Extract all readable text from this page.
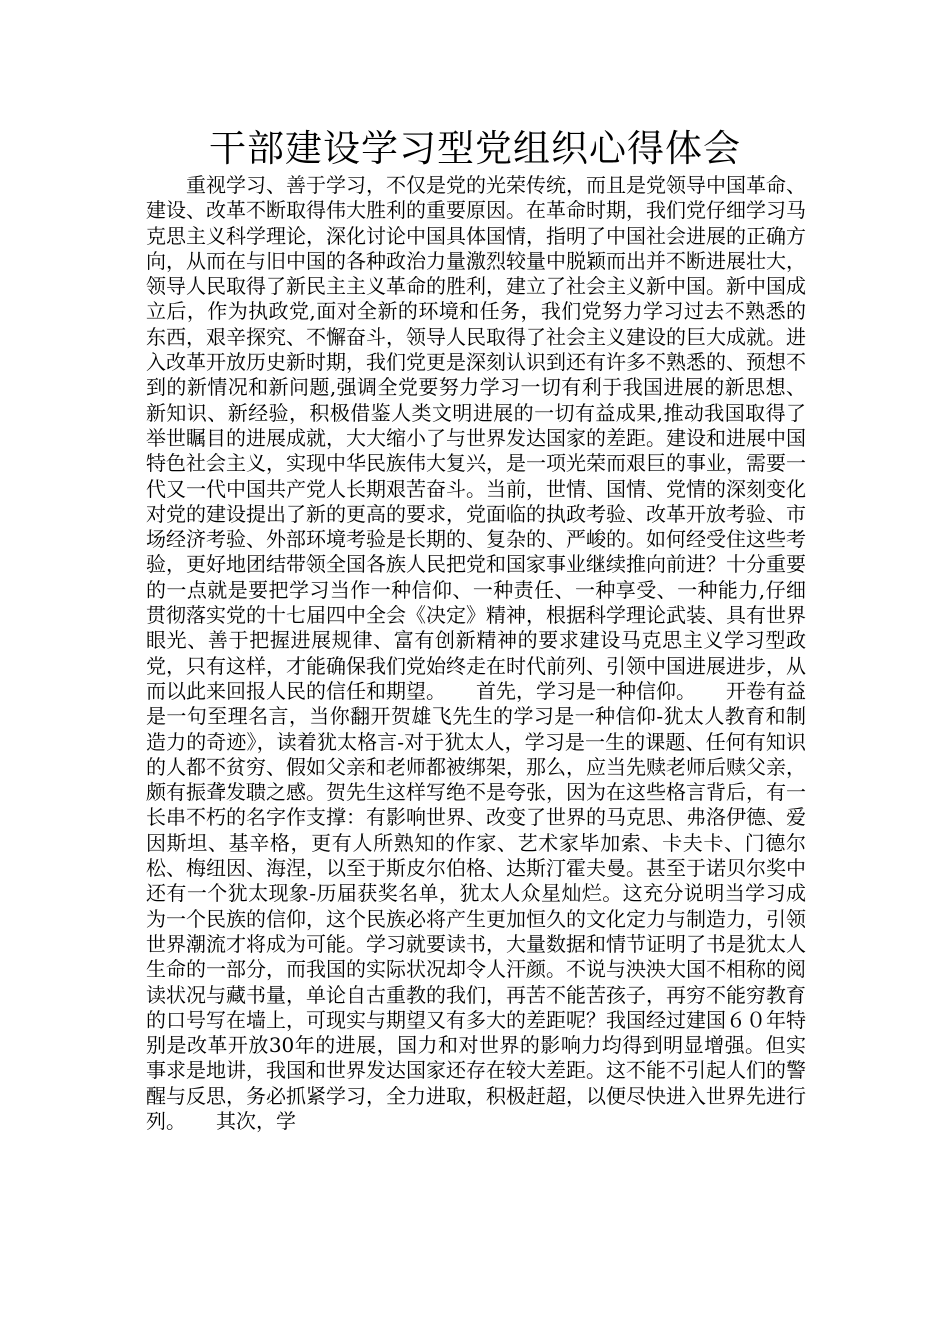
干部建设学习型党组织心得体会

重视学习、善于学习，不仅是党的光荣传统，而且是党领导中国革命、建设、改革不断取得伟大胜利的重要原因。在革命时期，我们党仔细学习马克思主义科学理论，深化讨论中国具体国情，指明了中国社会进展的正确方向，从而在与旧中国的各种政治力量激烈较量中脱颖而出并不断进展壮大，领导人民取得了新民主主义革命的胜利，建立了社会主义新中国。新中国成立后，作为执政党,面对全新的环境和任务，我们党努力学习过去不熟悉的东西，艰辛探究、不懈奋斗，领导人民取得了社会主义建设的巨大成就。进入改革开放历史新时期，我们党更是深刻认识到还有许多不熟悉的、预想不到的新情况和新问题,强调全党要努力学习一切有利于我国进展的新思想、新知识、新经验，积极借鉴人类文明进展的一切有益成果,推动我国取得了举世瞩目的进展成就，大大缩小了与世界发达国家的差距。建设和进展中国特色社会主义，实现中华民族伟大复兴，是一项光荣而艰巨的事业，需要一代又一代中国共产党人长期艰苦奋斗。当前，世情、国情、党情的深刻变化对党的建设提出了新的更高的要求，党面临的执政考验、改革开放考验、市场经济考验、外部环境考验是长期的、复杂的、严峻的。如何经受住这些考验，更好地团结带领全国各族人民把党和国家事业继续推向前进？十分重要的一点就是要把学习当作一种信仰、一种责任、一种享受、一种能力,仔细贯彻落实党的十七届四中全会《决定》精神，根据科学理论武装、具有世界眼光、善于把握进展规律、富有创新精神的要求建设马克思主义学习型政党，只有这样，才能确保我们党始终走在时代前列、引领中国进展进步，从而以此来回报人民的信任和期望。　　首先，学习是一种信仰。　　开卷有益是一句至理名言，当你翻开贺雄飞先生的学习是一种信仰-犹太人教育和制造力的奇迹》，读着犹太格言-对于犹太人，学习是一生的课题、任何有知识的人都不贫穷、假如父亲和老师都被绑架，那么，应当先赎老师后赎父亲，颇有振聋发聩之感。贺先生这样写绝不是夸张，因为在这些格言背后，有一长串不朽的名字作支撑：有影响世界、改变了世界的马克思、弗洛伊德、爱因斯坦、基辛格，更有人所熟知的作家、艺术家毕加索、卡夫卡、门德尔松、梅纽因、海涅，以至于斯皮尔伯格、达斯汀霍夫曼。甚至于诺贝尔奖中还有一个犹太现象-历届获奖名单，犹太人众星灿烂。这充分说明当学习成为一个民族的信仰，这个民族必将产生更加恒久的文化定力与制造力，引领世界潮流才将成为可能。学习就要读书，大量数据和情节证明了书是犹太人生命的一部分，而我国的实际状况却令人汗颜。不说与泱泱大国不相称的阅读状况与藏书量，单论自古重教的我们，再苦不能苦孩子，再穷不能穷教育的口号写在墙上，可现实与期望又有多大的差距呢？我国经过建国６０年特别是改革开放30年的进展，国力和对世界的影响力均得到明显增强。但实事求是地讲，我国和世界发达国家还存在较大差距。这不能不引起人们的警醒与反思，务必抓紧学习，全力进取，积极赶超，以便尽快进入世界先进行列。　　其次，学
